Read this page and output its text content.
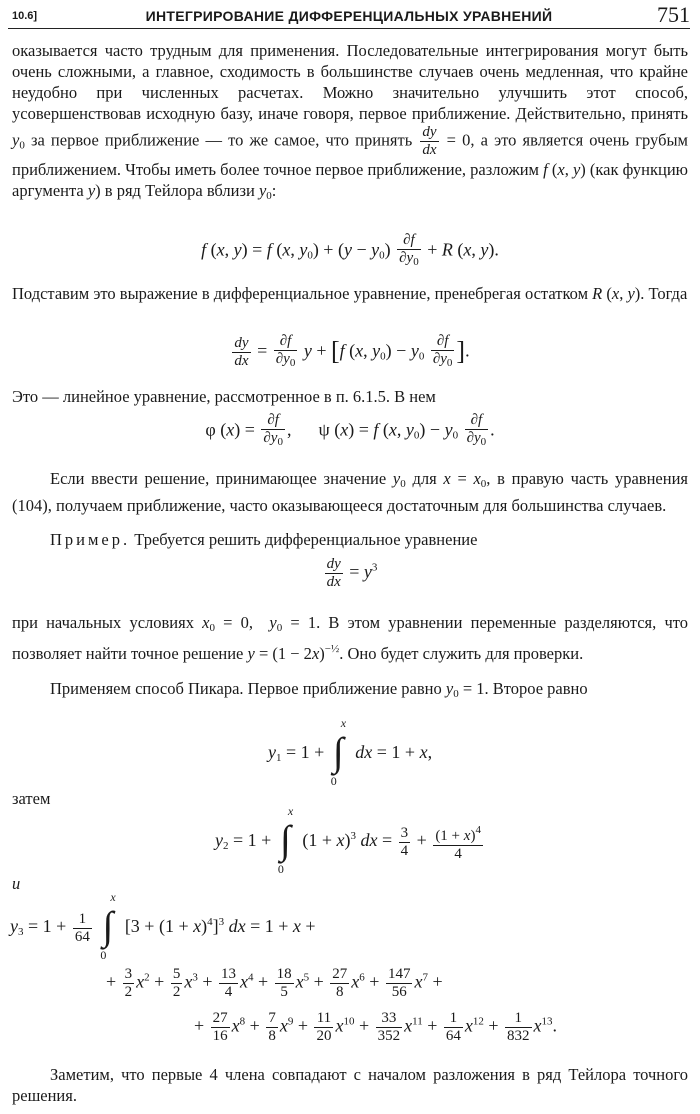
10.6]	ИНТЕГРИРОВАНИЕ ДИФФЕРЕНЦИАЛЬНЫХ УРАВНЕНИЙ	751
оказывается часто трудным для применения. Последовательные интегрирования могут быть очень сложными, а главное, сходимость в большинстве случаев очень медленная, что крайне неудобно при численных расчетах. Можно значительно улучшить этот способ, усовершенствовав исходную базу, иначе говоря, первое приближение. Действительно, принять $y_0$ за первое приближение — то же самое, что принять $\frac{dy}{dx} = 0$, а это является очень грубым приближением. Чтобы иметь более точное первое приближение, разложим f (x, y) (как функцию аргумента y) в ряд Тейлора вблизи $y_0$:
f (x, y) = f (x, $y_0) + (y - y_0) \frac{\partial f}{\partial y_0} + R$ (x, y).
Подставим это выражение в дифференциальное уравнение, пренебрегая остатком R (x, y). Тогда
$\frac{dy}{dx} = \frac{\partial f}{\partial y_0}$ y + [f (x, $y_0) - y_0 \frac{\partial f}{\partial y_0}$ ].
Это — линейное уравнение, рассмотренное в п. 6.1.5. В нем
φ $(x) = \frac{\partial f}{\partial y_0}$ ,      ψ (x) = f (x, $y_0) - y_0 \frac{\partial f}{\partial y_0}$ .
Если ввести решение, принимающее значение $y_0$ для $x = x_0$, в правую часть уравнения (104), получаем приближение, часто оказывающееся достаточным для большинства случаев.
Пример. Требуется решить дифференциальное уравнение
$\frac{dy}{dx} = y^3$
при начальных условиях $x_0 = 0$,  $y_0 = 1$. В этом уравнении переменные разделяются, что позволяет найти точное решение $y = (1 - 2x)^{-\frac{1}{2}}$. Оно будет служить для проверки.
Применяем способ Пикара. Первое приближение равно $y_0 = 1$. Второе равно
$y_1 = 1$ + ∫
x
0
dx = 1 + x,
затем
$y_2 = 1$ + ∫
x
0
$(1 + x)^3$ dx = $\frac{3}{4} + \frac{(1 + x)^4}{4}$
и
$y_3 = 1 + \frac{1}{64}$
∫
x
0
$[3 + (1 + x)^4]^3$ dx = 1 + x +
+ $\frac{3}{2} x^2 + \frac{5}{2} x^3 + \frac{13}{4} x^4 + \frac{18}{5} x^5 + \frac{27}{8} x^6 + \frac{147}{56} x^7$ +
+ $\frac{27}{16} x^8 + \frac{7}{8} x^9 + \frac{11}{20} x^{10} + \frac{33}{352} x^{11} + \frac{1}{64} x^{12} + \frac{1}{832} x^{13}$.
Заметим, что первые 4 члена совпадают с началом разложения в ряд Тейлора точного решения.
